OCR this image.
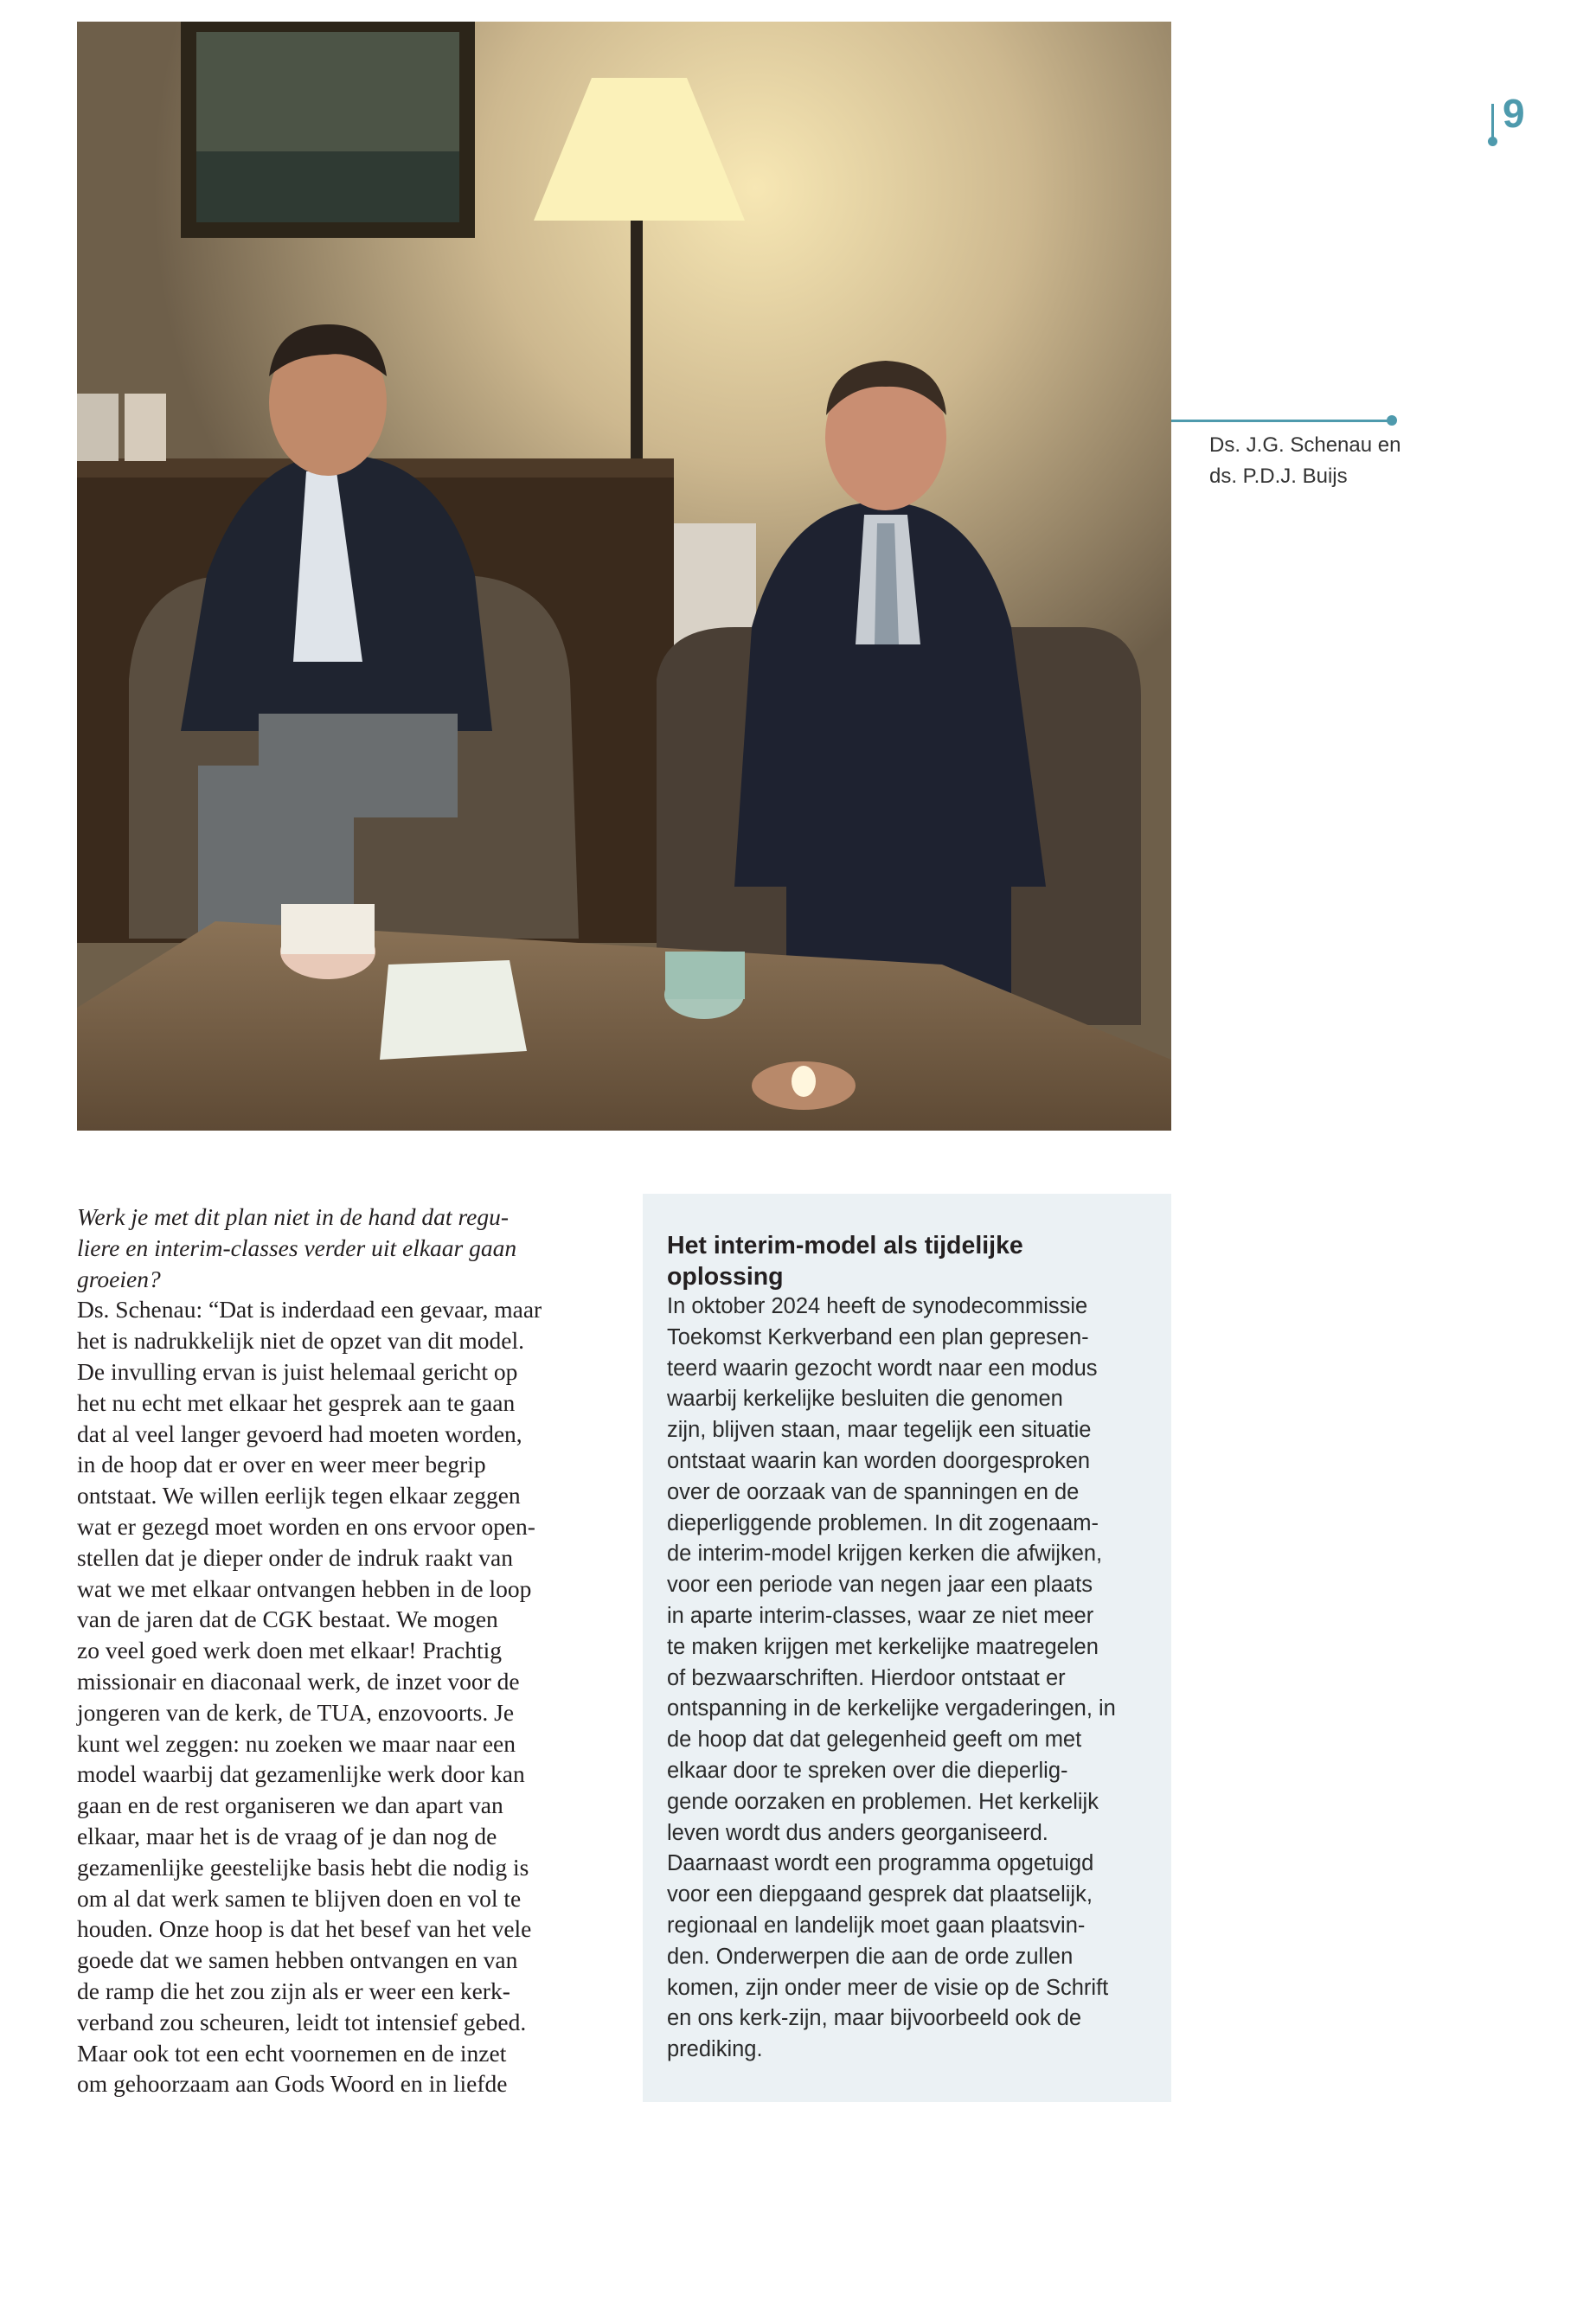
9
Ds. J.G. Schenau en
ds. P.D.J. Buijs
Werk je met dit plan niet in de hand dat regu-
liere en interim-classes verder uit elkaar gaan
groeien?
Ds. Schenau: “Dat is inderdaad een gevaar, maar
het is nadrukkelijk niet de opzet van dit model.
De invulling ervan is juist helemaal gericht op
het nu echt met elkaar het gesprek aan te gaan
dat al veel langer gevoerd had moeten worden,
in de hoop dat er over en weer meer begrip
ontstaat. We willen eerlijk tegen elkaar zeggen
wat er gezegd moet worden en ons ervoor open-
stellen dat je dieper onder de indruk raakt van
wat we met elkaar ontvangen hebben in de loop
van de jaren dat de CGK bestaat. We mogen
zo veel goed werk doen met elkaar! Prachtig
missionair en diaconaal werk, de inzet voor de
jongeren van de kerk, de TUA, enzovoorts. Je
kunt wel zeggen: nu zoeken we maar naar een
model waarbij dat gezamenlijke werk door kan
gaan en de rest organiseren we dan apart van
elkaar, maar het is de vraag of je dan nog de
gezamenlijke geestelijke basis hebt die nodig is
om al dat werk samen te blijven doen en vol te
houden. Onze hoop is dat het besef van het vele
goede dat we samen hebben ontvangen en van
de ramp die het zou zijn als er weer een kerk-
verband zou scheuren, leidt tot intensief gebed.
Maar ook tot een echt voornemen en de inzet
om gehoorzaam aan Gods Woord en in liefde
Het interim-model als tijdelijke
oplossing
In oktober 2024 heeft de synodecommissie
Toekomst Kerkverband een plan gepresen-
teerd waarin gezocht wordt naar een modus
waarbij kerkelijke besluiten die genomen
zijn, blijven staan, maar tegelijk een situatie
ontstaat waarin kan worden doorgesproken
over de oorzaak van de spanningen en de
dieperliggende problemen. In dit zogenaam-
de interim-model krijgen kerken die afwijken,
voor een periode van negen jaar een plaats
in aparte interim-classes, waar ze niet meer
te maken krijgen met kerkelijke maatregelen
of bezwaarschriften. Hierdoor ontstaat er
ontspanning in de kerkelijke vergaderingen, in
de hoop dat dat gelegenheid geeft om met
elkaar door te spreken over die dieperlig-
gende oorzaken en problemen. Het kerkelijk
leven wordt dus anders georganiseerd.
Daarnaast wordt een programma opgetuigd
voor een diepgaand gesprek dat plaatselijk,
regionaal en landelijk moet gaan plaatsvin-
den. Onderwerpen die aan de orde zullen
komen, zijn onder meer de visie op de Schrift
en ons kerk-zijn, maar bijvoorbeeld ook de
prediking.
